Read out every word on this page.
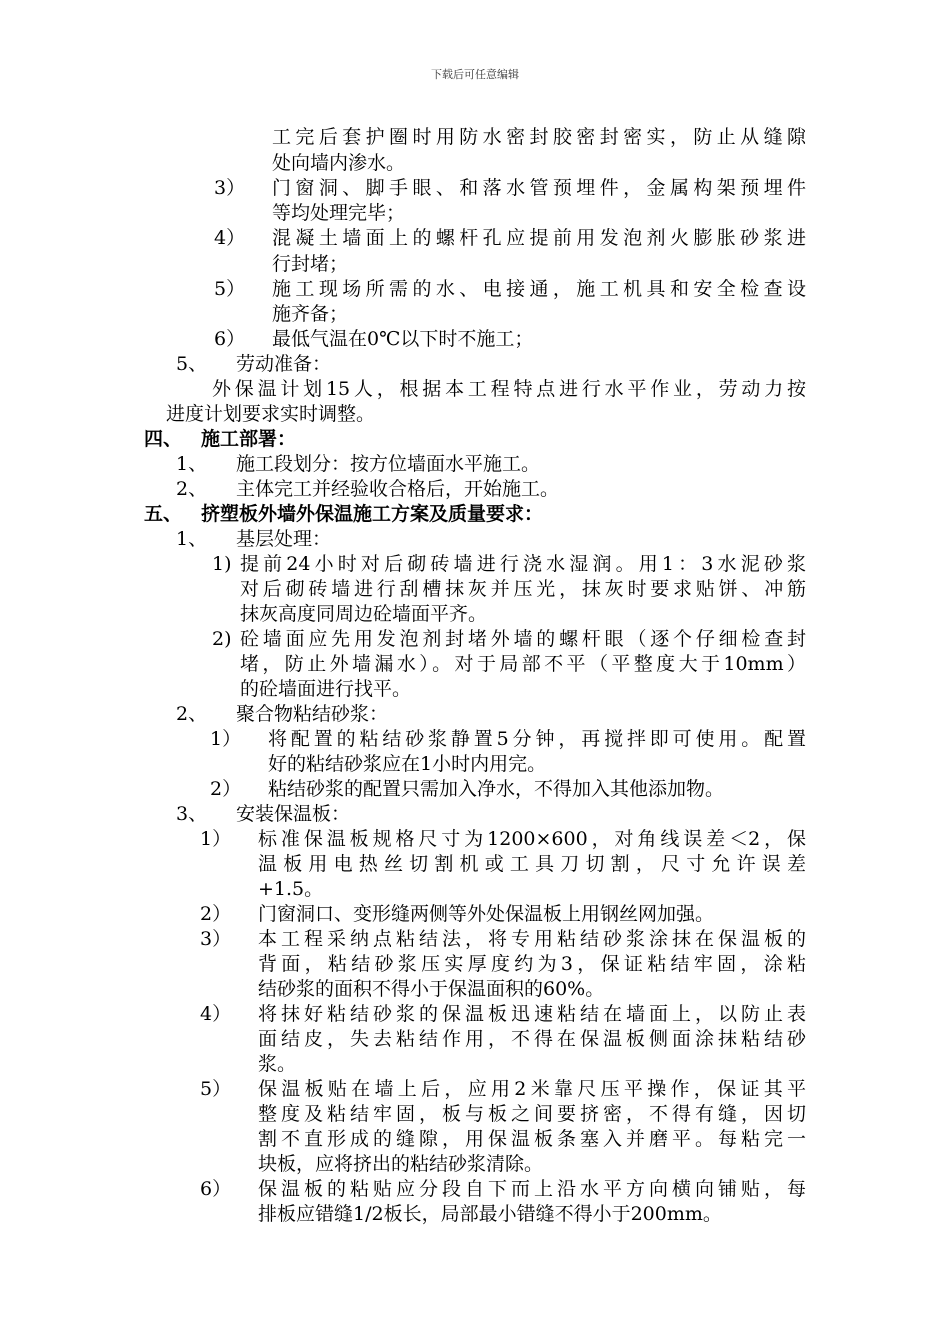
下载后可任意编辑
工完后套护圈时用防水密封胶密封密实，防止从缝隙
处向墙内渗水。
3） 门窗洞、脚手眼、和落水管预埋件，金属构架预埋件
等均处理完毕；
4） 混凝土墙面上的螺杆孔应提前用发泡剂火膨胀砂浆进
行封堵；
5） 施工现场所需的水、电接通，施工机具和安全检查设
施齐备；
6） 最低气温在0℃以下时不施工；
5、 劳动准备：
外保温计划15人，根据本工程特点进行水平作业，劳动力按
进度计划要求实时调整。
四、 施工部署：
1、 施工段划分：按方位墙面水平施工。
2、 主体完工并经验收合格后，开始施工。
五、 挤塑板外墙外保温施工方案及质量要求：
1、 基层处理：
1) 提前24小时对后砌砖墙进行浇水湿润。用1：3水泥砂浆
对后砌砖墙进行刮槽抹灰并压光，抹灰时要求贴饼、冲筋
抹灰高度同周边砼墙面平齐。
2) 砼墙面应先用发泡剂封堵外墙的螺杆眼（逐个仔细检查封
堵，防止外墙漏水）。对于局部不平（平整度大于10mm）
的砼墙面进行找平。
2、 聚合物粘结砂浆：
1） 将配置的粘结砂浆静置5分钟，再搅拌即可使用。配置
好的粘结砂浆应在1小时内用完。
2） 粘结砂浆的配置只需加入净水，不得加入其他添加物。
3、 安装保温板：
1） 标准保温板规格尺寸为1200×600，对角线误差＜2，保
温板用电热丝切割机或工具刀切割，尺寸允许误差
+1.5。
2） 门窗洞口、变形缝两侧等外处保温板上用钢丝网加强。
3） 本工程采纳点粘结法，将专用粘结砂浆涂抹在保温板的
背面，粘结砂浆压实厚度约为3，保证粘结牢固，涂粘
结砂浆的面积不得小于保温面积的60%。
4） 将抹好粘结砂浆的保温板迅速粘结在墙面上，以防止表
面结皮，失去粘结作用，不得在保温板侧面涂抹粘结砂
浆。
5） 保温板贴在墙上后，应用2米靠尺压平操作，保证其平
整度及粘结牢固，板与板之间要挤密，不得有缝，因切
割不直形成的缝隙，用保温板条塞入并磨平。每粘完一
块板，应将挤出的粘结砂浆清除。
6） 保温板的粘贴应分段自下而上沿水平方向横向铺贴，每
排板应错缝1/2板长，局部最小错缝不得小于200mm。
